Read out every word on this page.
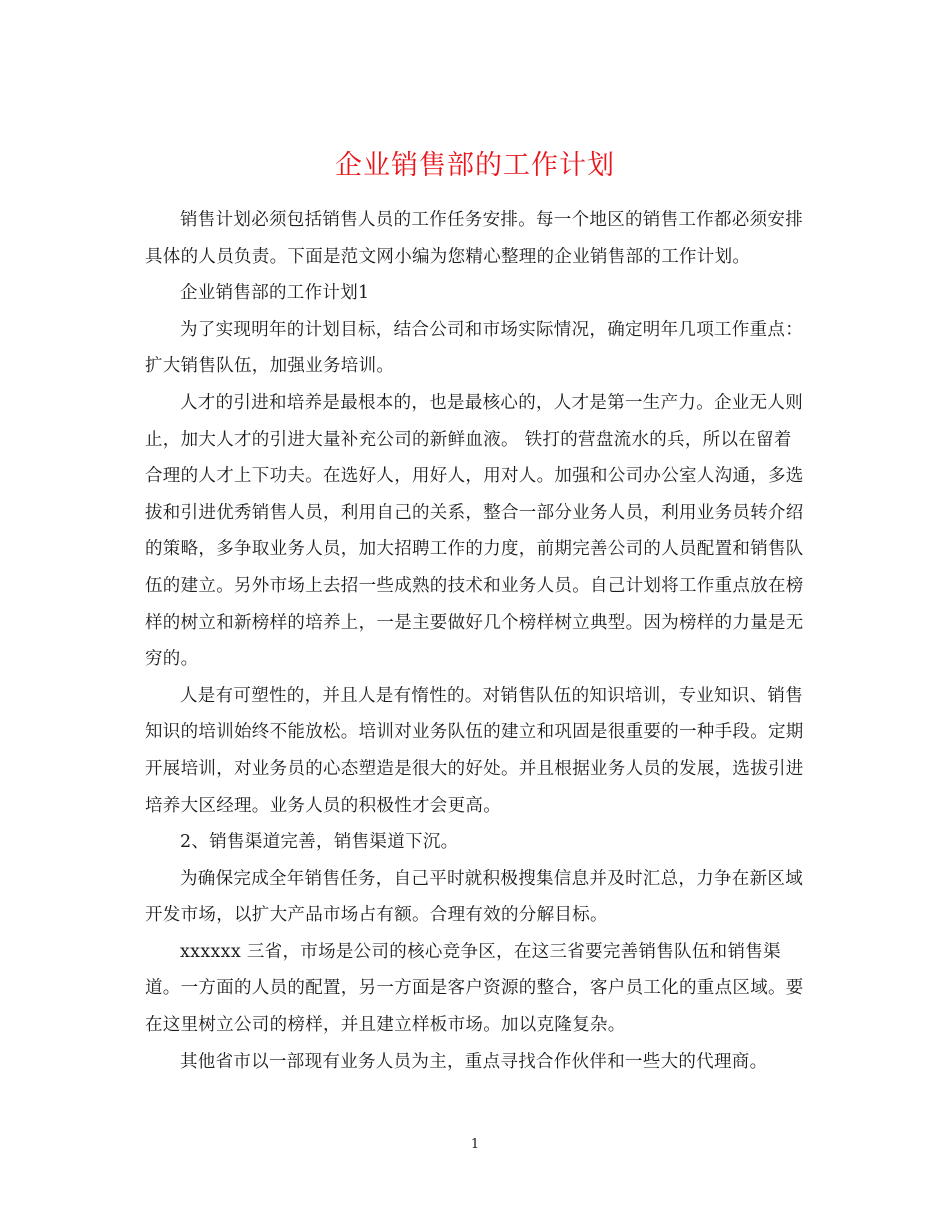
企业销售部的工作计划

销售计划必须包括销售人员的工作任务安排。每一个地区的销售工作都必须安排具体的人员负责。下面是范文网小编为您精心整理的企业销售部的工作计划。

企业销售部的工作计划1

为了实现明年的计划目标，结合公司和市场实际情况，确定明年几项工作重点：扩大销售队伍，加强业务培训。

人才的引进和培养是最根本的，也是最核心的，人才是第一生产力。企业无人则止，加大人才的引进大量补充公司的新鲜血液。 铁打的营盘流水的兵，所以在留着合理的人才上下功夫。在选好人，用好人，用对人。加强和公司办公室人沟通，多选拔和引进优秀销售人员，利用自己的关系，整合一部分业务人员，利用业务员转介绍的策略，多争取业务人员，加大招聘工作的力度，前期完善公司的人员配置和销售队伍的建立。另外市场上去招一些成熟的技术和业务人员。自己计划将工作重点放在榜样的树立和新榜样的培养上，一是主要做好几个榜样树立典型。因为榜样的力量是无穷的。

人是有可塑性的，并且人是有惰性的。对销售队伍的知识培训，专业知识、销售知识的培训始终不能放松。培训对业务队伍的建立和巩固是很重要的一种手段。定期开展培训，对业务员的心态塑造是很大的好处。并且根据业务人员的发展，选拔引进培养大区经理。业务人员的积极性才会更高。

2、销售渠道完善，销售渠道下沉。

为确保完成全年销售任务，自己平时就积极搜集信息并及时汇总，力争在新区域开发市场，以扩大产品市场占有额。合理有效的分解目标。

xxxxxx 三省，市场是公司的核心竞争区，在这三省要完善销售队伍和销售渠道。一方面的人员的配置，另一方面是客户资源的整合，客户员工化的重点区域。要在这里树立公司的榜样，并且建立样板市场。加以克隆复杂。

其他省市以一部现有业务人员为主，重点寻找合作伙伴和一些大的代理商。

1
